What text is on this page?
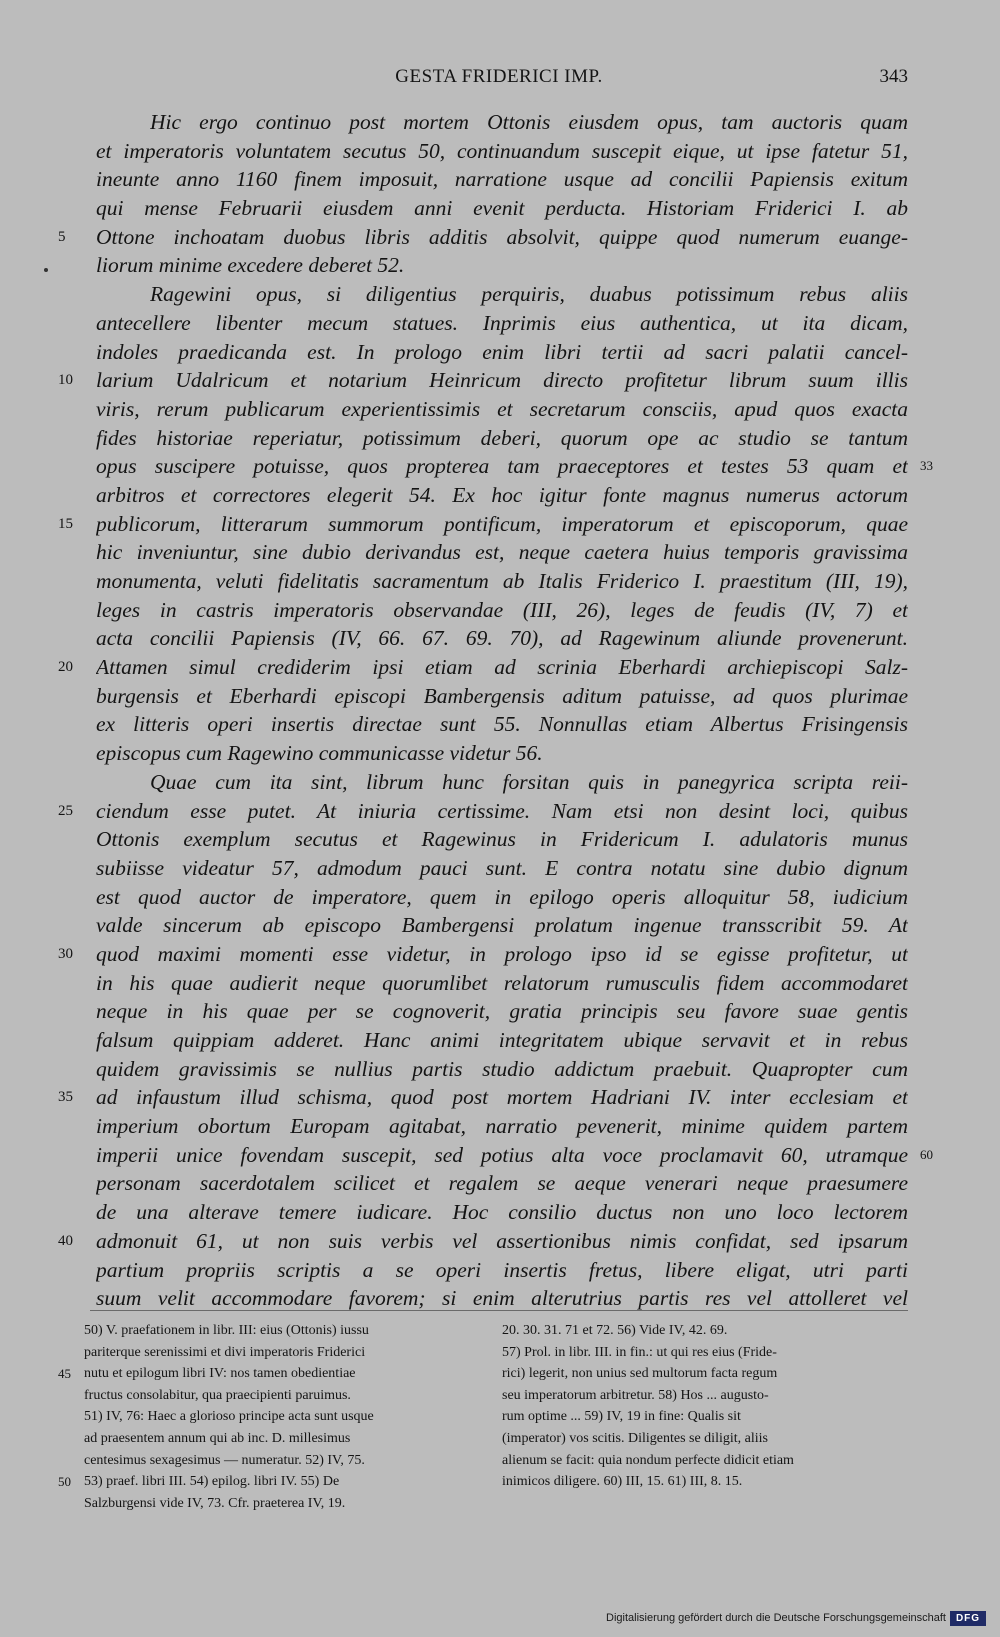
GESTA FRIDERICI IMP.	343
Hic ergo continuo post mortem Ottonis eiusdem opus, tam auctoris quam
et imperatoris voluntatem secutus 50, continuandum suscepit eique, ut ipse fatetur 51,
ineunte anno 1160 finem imposuit, narratione usque ad concilii Papiensis exitum
qui mense Februarii eiusdem anni evenit perducta. Historiam Friderici I. ab
5	Ottone inchoatam duobus libris additis absolvit, quippe quod numerum euange-
liorum minime excedere deberet 52.
Ragewini opus, si diligentius perquiris, duabus potissimum rebus aliis
antecellere libenter mecum statues. Inprimis eius authentica, ut ita dicam,
indoles praedicanda est. In prologo enim libri tertii ad sacri palatii cancel-
10	larium Udalricum et notarium Heinricum directo profitetur librum suum illis
viris, rerum publicarum experientissimis et secretarum consciis, apud quos exacta
fides historiae reperiatur, potissimum deberi, quorum ope ac studio se tantum
opus suscipere potuisse, quos propterea tam praeceptores et testes 53 quam et 33
arbitros et correctores elegerit 54. Ex hoc igitur fonte magnus numerus actorum
15	publicorum, litterarum summorum pontificum, imperatorum et episcoporum, quae
hic inveniuntur, sine dubio derivandus est, neque caetera huius temporis gravissima
monumenta, veluti fidelitatis sacramentum ab Italis Friderico I. praestitum (III, 19),
leges in castris imperatoris observandae (III, 26), leges de feudis (IV, 7) et
acta concilii Papiensis (IV, 66. 67. 69. 70), ad Ragewinum aliunde provenerunt.
20	Attamen simul crediderim ipsi etiam ad scrinia Eberhardi archiepiscopi Salz-
burgensis et Eberhardi episcopi Bambergensis aditum patuisse, ad quos plurimae
ex litteris operi insertis directae sunt 55. Nonnullas etiam Albertus Frisingensis
episcopus cum Ragewino communicasse videtur 56.
Quae cum ita sint, librum hunc forsitan quis in panegyrica scripta reii-
25	ciendum esse putet. At iniuria certissime. Nam etsi non desint loci, quibus
Ottonis exemplum secutus et Ragewinus in Fridericum I. adulatoris munus
subiisse videatur 57, admodum pauci sunt. E contra notatu sine dubio dignum
est quod auctor de imperatore, quem in epilogo operis alloquitur 58, iudicium
valde sincerum ab episcopo Bambergensi prolatum ingenue transscribit 59. At
30	quod maximi momenti esse videtur, in prologo ipso id se egisse profitetur, ut
in his quae audierit neque quorumlibet relatorum rumusculis fidem accommodaret
neque in his quae per se cognoverit, gratia principis seu favore suae gentis
falsum quippiam adderet. Hanc animi integritatem ubique servavit et in rebus
quidem gravissimis se nullius partis studio addictum praebuit. Quapropter cum
35	ad infaustum illud schisma, quod post mortem Hadriani IV. inter ecclesiam et
imperium obortum Europam agitabat, narratio pevenerit, minime quidem partem
imperii unice fovendam suscepit, sed potius alta voce proclamavit 60, utramque 60
personam sacerdotalem scilicet et regalem se aeque venerari neque praesumere
de una alterave temere iudicare. Hoc consilio ductus non uno loco lectorem
40	admonuit 61, ut non suis verbis vel assertionibus nimis confidat, sed ipsarum
partium propriis scriptis a se operi insertis fretus, libere eligat, utri parti
suum velit accommodare favorem; si enim alterutrius partis res vel attolleret vel
50) V. praefationem in libr. III: eius (Ottonis) iussu	20. 30. 31. 71 et 72. 56) Vide IV, 42. 69.
pariterque serenissimi et divi imperatoris Friderici	57) Prol. in libr. III. in fin.: ut qui res eius (Fride-
45 nutu et epilogum libri IV: nos tamen obedientiae	rici) legerit, non unius sed multorum facta regum
fructus consolabitur, qua praecipienti paruimus.	seu imperatorum arbitretur. 58) Hos ... augusto-
51) IV, 76: Haec a glorioso principe acta sunt usque	rum optime ... 59) IV, 19 in fine: Qualis sit
ad praesentem annum qui ab inc. D. millesimus	(imperator) vos scitis. Diligentes se diligit, aliis
centesimus sexagesimus — numeratur. 52) IV, 75.	alienum se facit: quia nondum perfecte didicit etiam
50 53) praef. libri III. 54) epilog. libri IV. 55) De	inimicos diligere. 60) III, 15. 61) III, 8. 15.
Salzburgensi vide IV, 73. Cfr. praeterea IV, 19.
Digitalisierung gefördert durch die Deutsche Forschungsgemeinschaft DFG
